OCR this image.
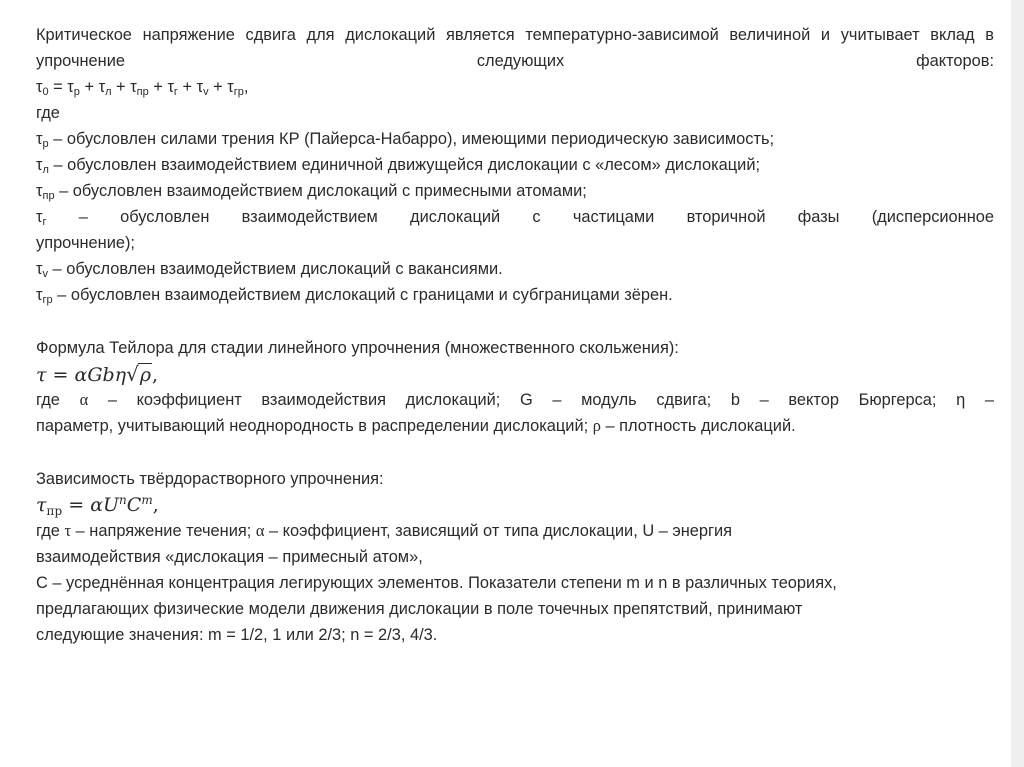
Критическое напряжение сдвига для дислокаций является температурно-зависимой величиной и учитывает вклад в упрочнение следующих факторов:
$\tau_0 = \tau_р + \tau_л + \tau_{пр} + \tau_г + \tau_v + \tau_{гр}$,
где
$\tau_р$ – обусловлен силами трения КР (Пайерса-Набарро), имеющими периодическую зависимость;
$\tau_л$ – обусловлен взаимодействием единичной движущейся дислокации с «лесом» дислокаций;
$\tau_{пр}$ – обусловлен взаимодействием дислокаций с примесными атомами;
$\tau_г$ – обусловлен взаимодействием дислокаций с частицами вторичной фазы (дисперсионное
упрочнение);
$\tau_v$ – обусловлен взаимодействием дислокаций с вакансиями.
$\tau_{гр}$ – обусловлен взаимодействием дислокаций с границами и субграницами зёрен.
Формула Тейлора для стадии линейного упрочнения (множественного скольжения):
τ = αGbη√ρ,
где α – коэффициент взаимодействия дислокаций; G – модуль сдвига; b – вектор Бюргерса; η –
параметр, учитывающий неоднородность в распределении дислокаций; ρ – плотность дислокаций.
Зависимость твёрдорастворного упрочнения:
$\tau_{пр} = \alpha U^nC^m$,
где τ – напряжение течения; α – коэффициент, зависящий от типа дислокации, U – энергия
взаимодействия «дислокация – примесный атом»,
C – усреднённая концентрация легирующих элементов. Показатели степени m и n в различных теориях,
предлагающих физические модели движения дислокации в поле точечных препятствий, принимают
следующие значения: m = 1/2, 1 или 2/3; n = 2/3, 4/3.
